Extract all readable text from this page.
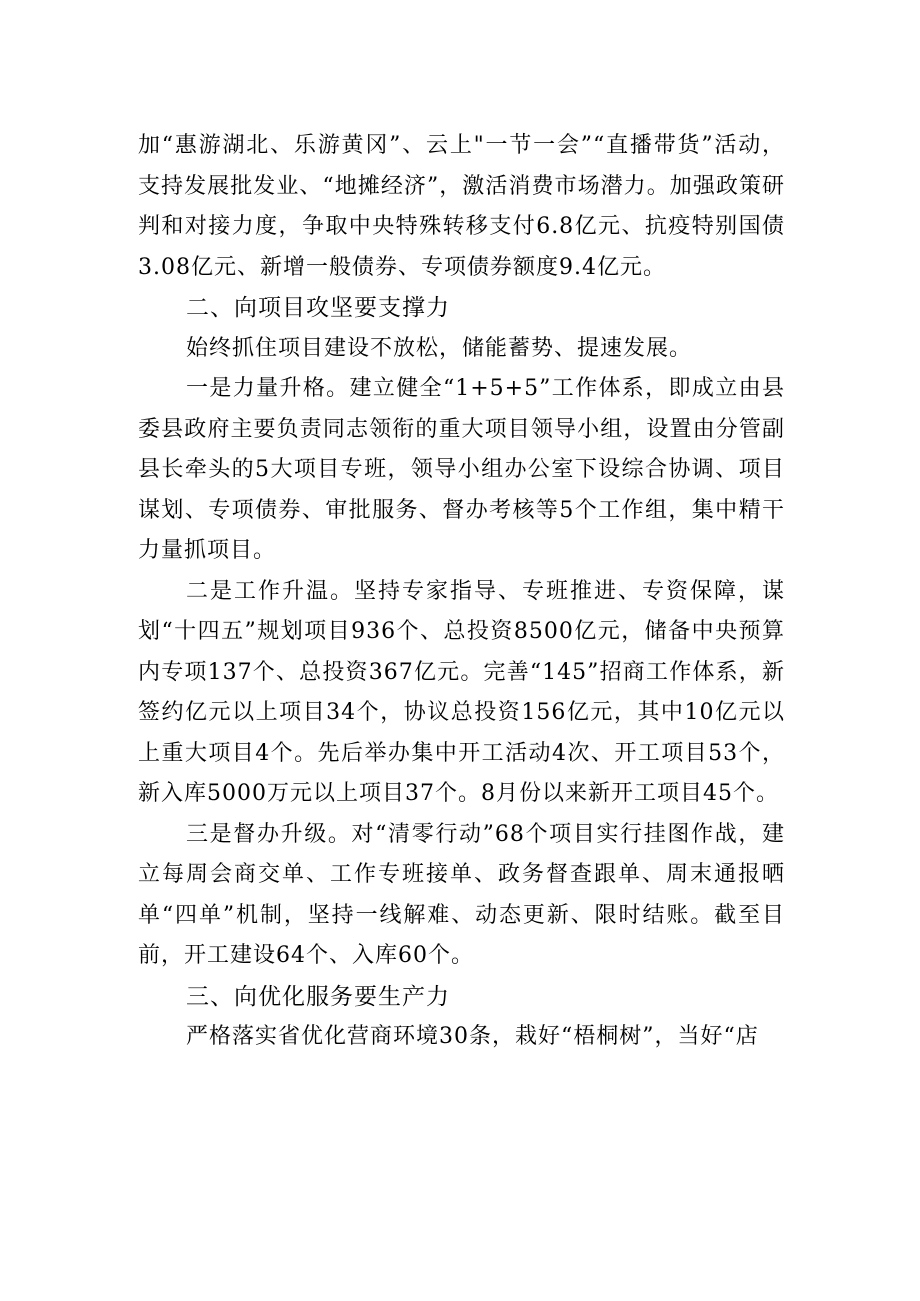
加“惠游湖北、乐游黄冈”、云上"一节一会”“直播带货”活动，支持发展批发业、“地摊经济”，激活消费市场潜力。加强政策研判和对接力度，争取中央特殊转移支付6.8亿元、抗疫特别国债3.08亿元、新增一般债券、专项债券额度9.4亿元。

二、向项目攻坚要支撑力

始终抓住项目建设不放松，储能蓄势、提速发展。

一是力量升格。建立健全“1+5+5”工作体系，即成立由县委县政府主要负责同志领衔的重大项目领导小组，设置由分管副县长牵头的5大项目专班，领导小组办公室下设综合协调、项目谋划、专项债券、审批服务、督办考核等5个工作组，集中精干力量抓项目。

二是工作升温。坚持专家指导、专班推进、专资保障，谋划“十四五”规划项目936个、总投资8500亿元，储备中央预算内专项137个、总投资367亿元。完善“145”招商工作体系，新签约亿元以上项目34个，协议总投资156亿元，其中10亿元以上重大项目4个。先后举办集中开工活动4次、开工项目53个，新入库5000万元以上项目37个。8月份以来新开工项目45个。

三是督办升级。对“清零行动”68个项目实行挂图作战，建立每周会商交单、工作专班接单、政务督查跟单、周末通报晒单“四单”机制，坚持一线解难、动态更新、限时结账。截至目前，开工建设64个、入库60个。

三、向优化服务要生产力

严格落实省优化营商环境30条，栽好“梧桐树”，当好“店
